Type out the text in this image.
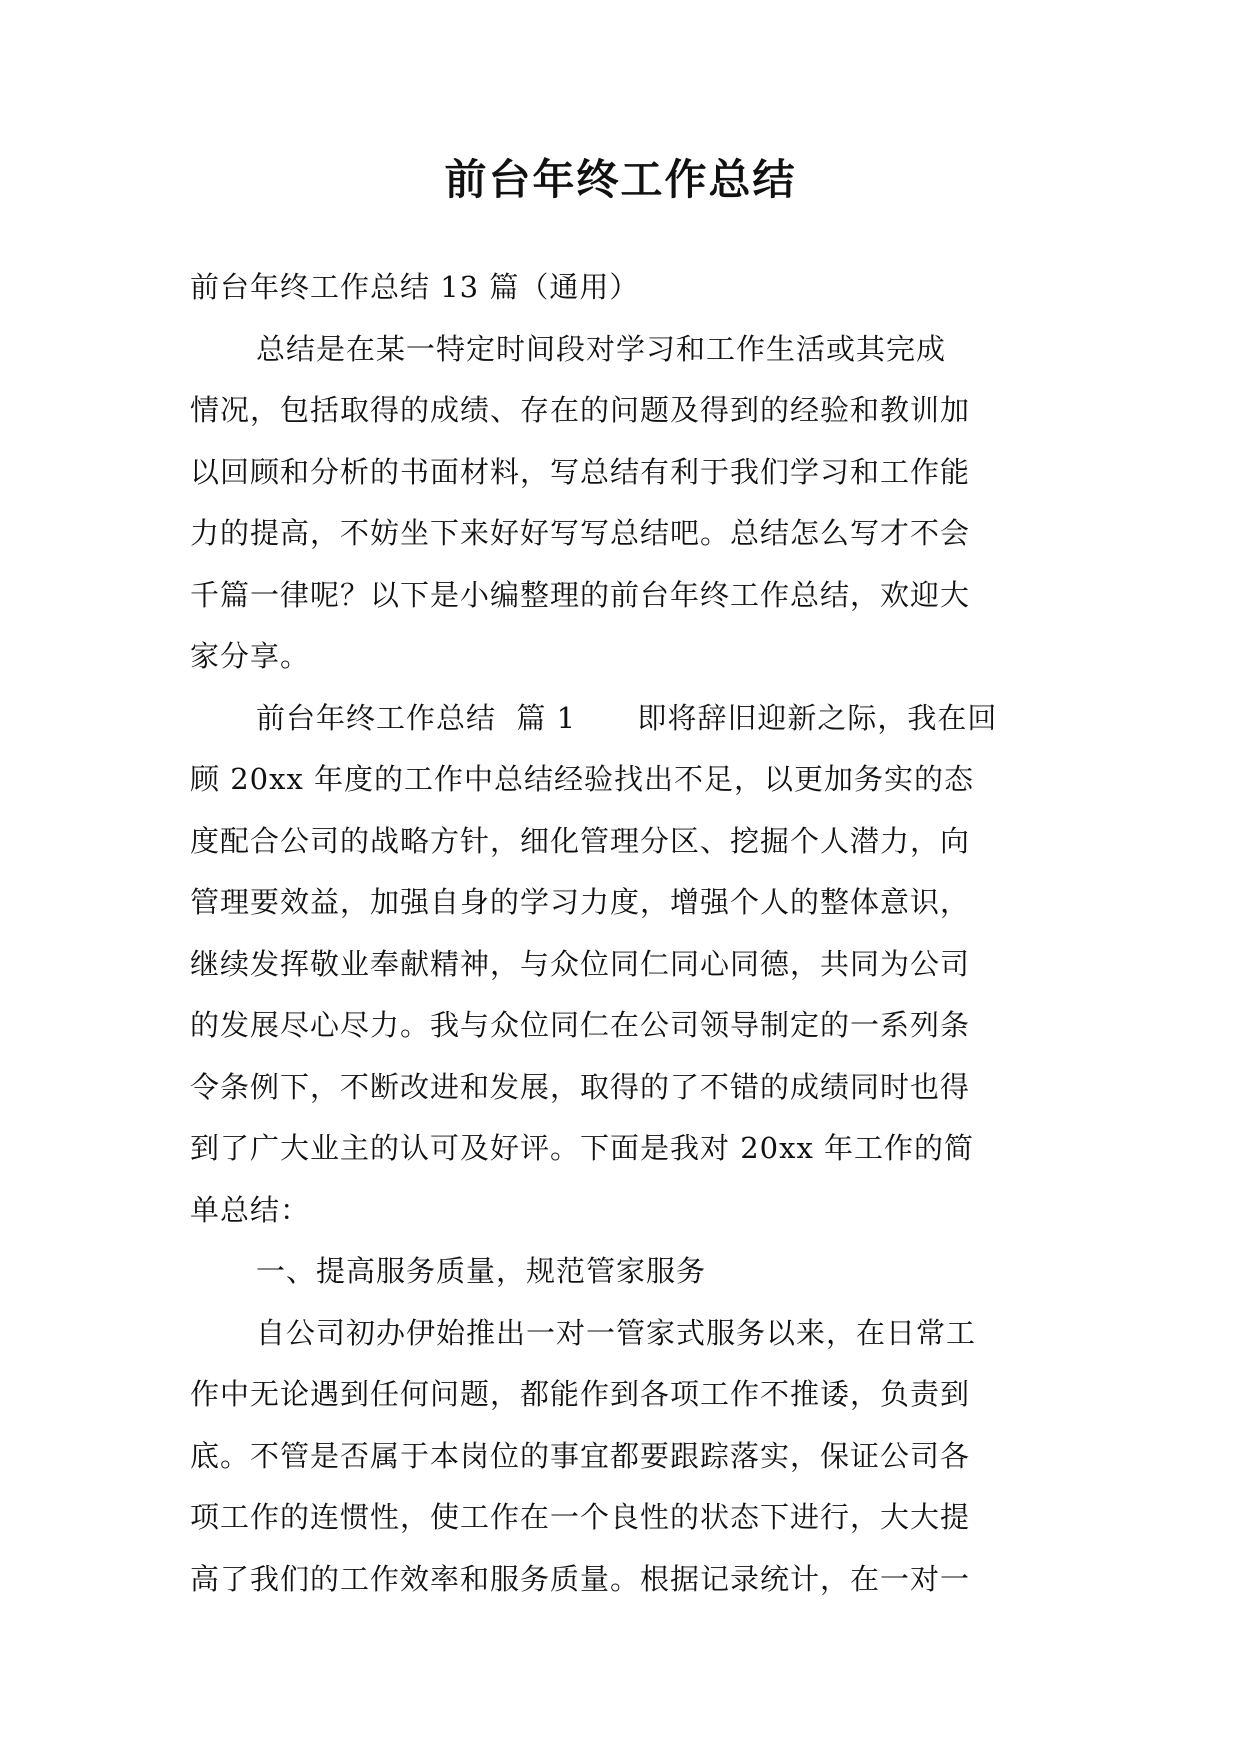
前台年终工作总结
前台年终工作总结 13 篇（通用）
总结是在某一特定时间段对学习和工作生活或其完成
情况，包括取得的成绩、存在的问题及得到的经验和教训加
以回顾和分析的书面材料，写总结有利于我们学习和工作能
力的提高，不妨坐下来好好写写总结吧。总结怎么写才不会
千篇一律呢？以下是小编整理的前台年终工作总结，欢迎大
家分享。
前台年终工作总结  篇 1      即将辞旧迎新之际，我在回
顾 20xx 年度的工作中总结经验找出不足，以更加务实的态
度配合公司的战略方针，细化管理分区、挖掘个人潜力，向
管理要效益，加强自身的学习力度，增强个人的整体意识，
继续发挥敬业奉献精神，与众位同仁同心同德，共同为公司
的发展尽心尽力。我与众位同仁在公司领导制定的一系列条
令条例下，不断改进和发展，取得的了不错的成绩同时也得
到了广大业主的认可及好评。下面是我对 20xx 年工作的简
单总结：
一、提高服务质量，规范管家服务
自公司初办伊始推出一对一管家式服务以来，在日常工
作中无论遇到任何问题，都能作到各项工作不推诿，负责到
底。不管是否属于本岗位的事宜都要跟踪落实，保证公司各
项工作的连惯性，使工作在一个良性的状态下进行，大大提
高了我们的工作效率和服务质量。根据记录统计，在一对一
